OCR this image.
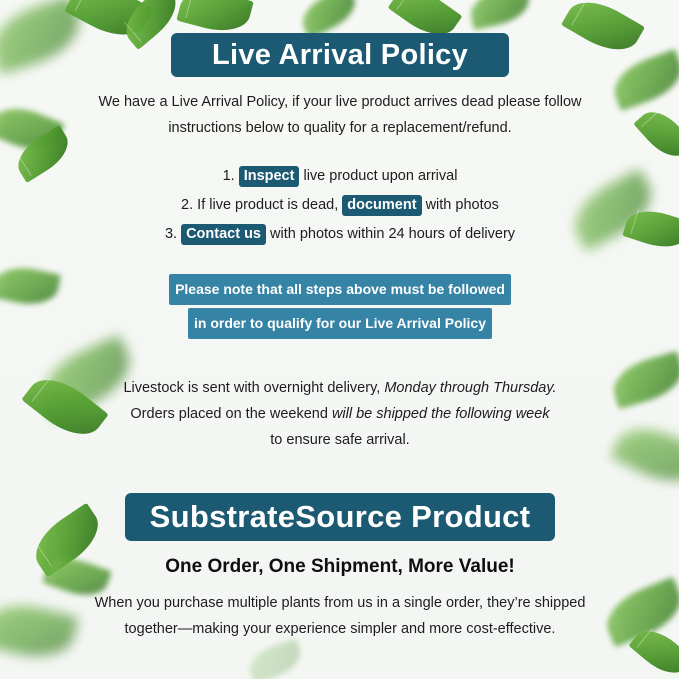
Live Arrival Policy
We have a Live Arrival Policy, if your live product arrives dead please follow instructions below to quality for a replacement/refund.
1. Inspect live product upon arrival
2. If live product is dead, document with photos
3. Contact us with photos within 24 hours of delivery
Please note that all steps above must be followed
in order to qualify for our Live Arrival Policy
Livestock is sent with overnight delivery, Monday through Thursday.
Orders placed on the weekend will be shipped the following week
to ensure safe arrival.
SubstrateSource Product
One Order, One Shipment, More Value!
When you purchase multiple plants from us in a single order, they’re shipped together—making your experience simpler and more cost-effective.
